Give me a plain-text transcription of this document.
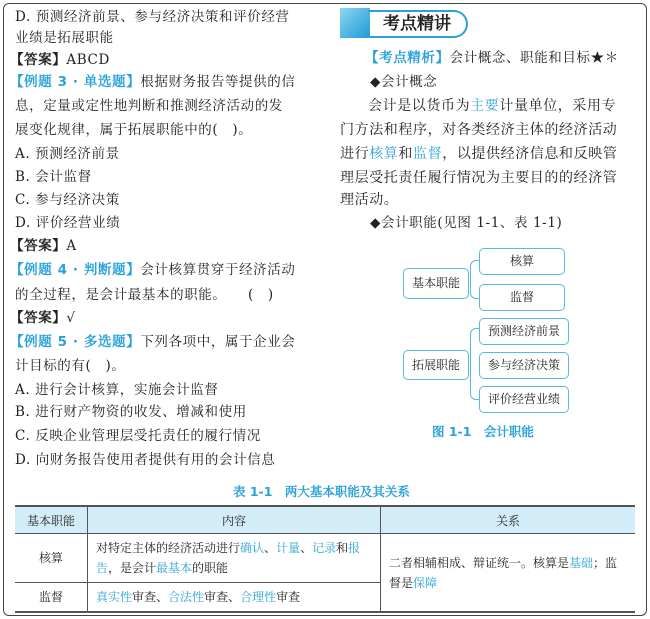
D. 预测经济前景、参与经济决策和评价经营
业绩是拓展职能
【答案】ABCD
【例题 3 · 单选题】根据财务报告等提供的信
息，定量或定性地判断和推测经济活动的发
展变化规律，属于拓展职能中的(　)。
A. 预测经济前景
B. 会计监督
C. 参与经济决策
D. 评价经营业绩
【答案】A
【例题 4 · 判断题】会计核算贯穿于经济活动
的全过程，是会计最基本的职能。　　(　)
【答案】√
【例题 5 · 多选题】下列各项中，属于企业会
计目标的有(　)。
A. 进行会计核算，实施会计监督
B. 进行财产物资的收发、增减和使用
C. 反映企业管理层受托责任的履行情况
D. 向财务报告使用者提供有用的会计信息
考点精讲
【考点精析】会计概念、职能和目标★＊
◆会计概念
会计是以货币为主要计量单位，采用专
门方法和程序，对各类经济主体的经济活动
进行核算和监督，以提供经济信息和反映管
理层受托责任履行情况为主要目的的经济管
理活动。
◆会计职能(见图 1-1、表 1-1)
基本职能
核算
监督
拓展职能
预测经济前景
参与经济决策
评价经营业绩
图 1-1　会计职能
表 1-1　两大基本职能及其关系
基本职能	内容	关系
核算	对特定主体的经济活动进行确认、计量、记录和报告，是会计最基本的职能	二者相辅相成、辩证统一。核算是基础；监督是保障
监督	真实性审查、合法性审查、合理性审查	
